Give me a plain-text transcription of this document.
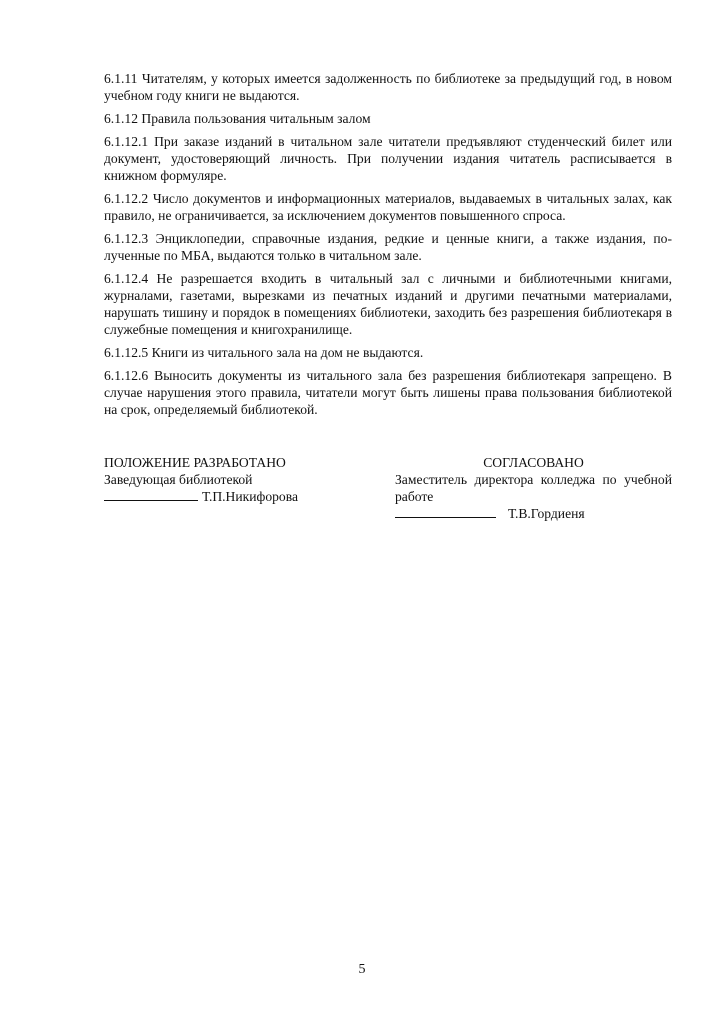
6.1.11 Читателям, у которых имеется задолженность по библиотеке за предыдущий год, в новом учебном году книги не выдаются.

6.1.12 Правила пользования читальным залом

6.1.12.1 При заказе изданий в читальном зале читатели предъявляют студенческий билет или документ, удостоверяющий личность. При получении издания читатель расписывается в книжном формуляре.

6.1.12.2 Число документов и информационных материалов, выдаваемых в читальных залах, как правило, не ограничивается, за исключением документов повышенного спроса.

6.1.12.3 Энциклопедии, справочные издания, редкие и ценные книги, а также издания, полученные по МБА, выдаются только в читальном зале.

6.1.12.4 Не разрешается входить в читальный зал с личными и библиотечными книгами, журналами, газетами, вырезками из печатных изданий и другими печатными материалами, нарушать тишину и порядок в помещениях библиотеки, заходить без разрешения библиотекаря в служебные помещения и книгохранилище.

6.1.12.5 Книги из читального зала на дом не выдаются.

6.1.12.6 Выносить документы из читального зала без разрешения библиотекаря запрещено. В случае нарушения этого правила, читатели могут быть лишены права пользования библиотекой на срок, определяемый библиотекой.

ПОЛОЖЕНИЕ РАЗРАБОТАНО
Заведующая библиотекой
Т.П.Никифорова
СОГЛАСОВАНО
Заместитель директора колледжа по учебной работе
Т.В.Гордиеня
5
